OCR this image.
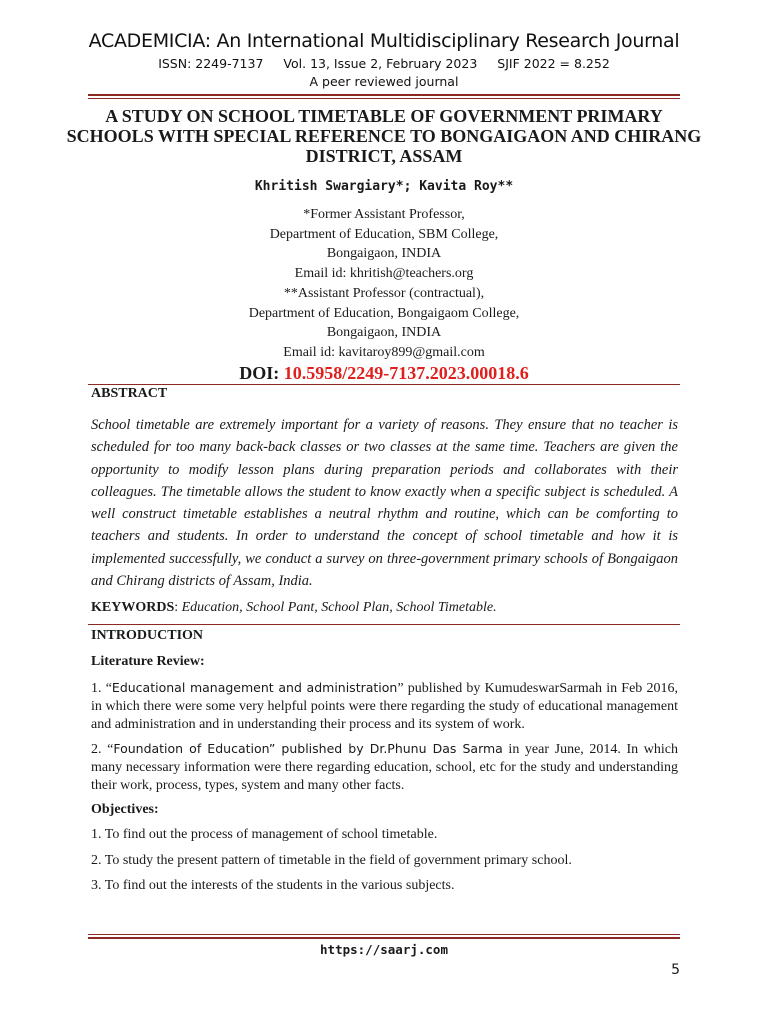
ACADEMICIA: An International Multidisciplinary Research Journal
ISSN: 2249-7137 Vol. 13, Issue 2, February 2023 SJIF 2022 = 8.252
A peer reviewed journal
A STUDY ON SCHOOL TIMETABLE OF GOVERNMENT PRIMARY SCHOOLS WITH SPECIAL REFERENCE TO BONGAIGAON AND CHIRANG DISTRICT, ASSAM
Khritish Swargiary*; Kavita Roy**
*Former Assistant Professor,
Department of Education, SBM College,
Bongaigaon, INDIA
Email id: khritish@teachers.org
**Assistant Professor (contractual),
Department of Education, Bongaigaom College,
Bongaigaon, INDIA
Email id: kavitaroy899@gmail.com
DOI: 10.5958/2249-7137.2023.00018.6
ABSTRACT
School timetable are extremely important for a variety of reasons. They ensure that no teacher is scheduled for too many back-back classes or two classes at the same time. Teachers are given the opportunity to modify lesson plans during preparation periods and collaborates with their colleagues. The timetable allows the student to know exactly when a specific subject is scheduled. A well construct timetable establishes a neutral rhythm and routine, which can be comforting to teachers and students. In order to understand the concept of school timetable and how it is implemented successfully, we conduct a survey on three-government primary schools of Bongaigaon and Chirang districts of Assam, India.
KEYWORDS: Education, School Pant, School Plan, School Timetable.
INTRODUCTION
Literature Review:
1. “Educational management and administration” published by KumudeswarSarmah in Feb 2016, in which there were some very helpful points were there regarding the study of educational management and administration and in understanding their process and its system of work.
2. “Foundation of Education” published by Dr.Phunu Das Sarma in year June, 2014. In which many necessary information were there regarding education, school, etc for the study and understanding their work, process, types, system and many other facts.
Objectives:
1. To find out the process of management of school timetable.
2. To study the present pattern of timetable in the field of government primary school.
3. To find out the interests of the students in the various subjects.
https://saarj.com
5
